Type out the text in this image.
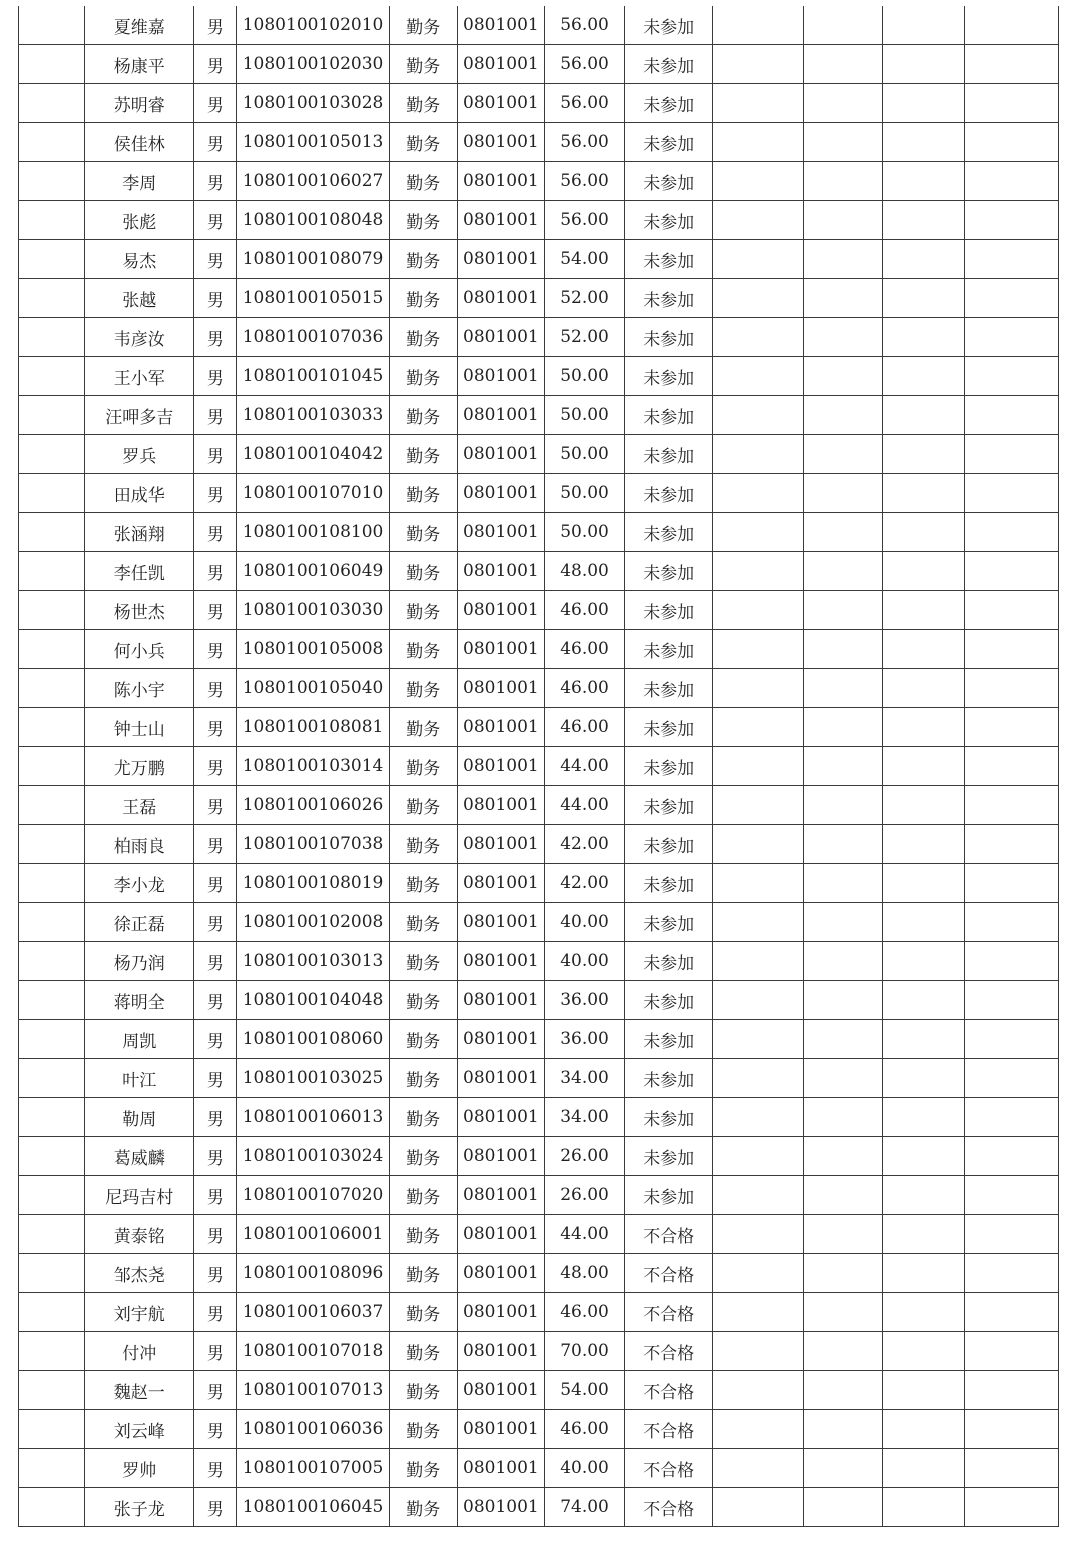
	夏维嘉	男	1080100102010	勤务	0801001	56.00	未参加				
	杨康平	男	1080100102030	勤务	0801001	56.00	未参加				
	苏明睿	男	1080100103028	勤务	0801001	56.00	未参加				
	侯佳林	男	1080100105013	勤务	0801001	56.00	未参加				
	李周	男	1080100106027	勤务	0801001	56.00	未参加				
	张彪	男	1080100108048	勤务	0801001	56.00	未参加				
	易杰	男	1080100108079	勤务	0801001	54.00	未参加				
	张越	男	1080100105015	勤务	0801001	52.00	未参加				
	韦彦汝	男	1080100107036	勤务	0801001	52.00	未参加				
	王小军	男	1080100101045	勤务	0801001	50.00	未参加				
	汪呷多吉	男	1080100103033	勤务	0801001	50.00	未参加				
	罗兵	男	1080100104042	勤务	0801001	50.00	未参加				
	田成华	男	1080100107010	勤务	0801001	50.00	未参加				
	张涵翔	男	1080100108100	勤务	0801001	50.00	未参加				
	李任凯	男	1080100106049	勤务	0801001	48.00	未参加				
	杨世杰	男	1080100103030	勤务	0801001	46.00	未参加				
	何小兵	男	1080100105008	勤务	0801001	46.00	未参加				
	陈小宇	男	1080100105040	勤务	0801001	46.00	未参加				
	钟士山	男	1080100108081	勤务	0801001	46.00	未参加				
	尤万鹏	男	1080100103014	勤务	0801001	44.00	未参加				
	王磊	男	1080100106026	勤务	0801001	44.00	未参加				
	柏雨良	男	1080100107038	勤务	0801001	42.00	未参加				
	李小龙	男	1080100108019	勤务	0801001	42.00	未参加				
	徐正磊	男	1080100102008	勤务	0801001	40.00	未参加				
	杨乃润	男	1080100103013	勤务	0801001	40.00	未参加				
	蒋明全	男	1080100104048	勤务	0801001	36.00	未参加				
	周凯	男	1080100108060	勤务	0801001	36.00	未参加				
	叶江	男	1080100103025	勤务	0801001	34.00	未参加				
	勒周	男	1080100106013	勤务	0801001	34.00	未参加				
	葛威麟	男	1080100103024	勤务	0801001	26.00	未参加				
	尼玛吉村	男	1080100107020	勤务	0801001	26.00	未参加				
	黄泰铭	男	1080100106001	勤务	0801001	44.00	不合格				
	邹杰尧	男	1080100108096	勤务	0801001	48.00	不合格				
	刘宇航	男	1080100106037	勤务	0801001	46.00	不合格				
	付冲	男	1080100107018	勤务	0801001	70.00	不合格				
	魏赵一	男	1080100107013	勤务	0801001	54.00	不合格				
	刘云峰	男	1080100106036	勤务	0801001	46.00	不合格				
	罗帅	男	1080100107005	勤务	0801001	40.00	不合格				
	张子龙	男	1080100106045	勤务	0801001	74.00	不合格				
